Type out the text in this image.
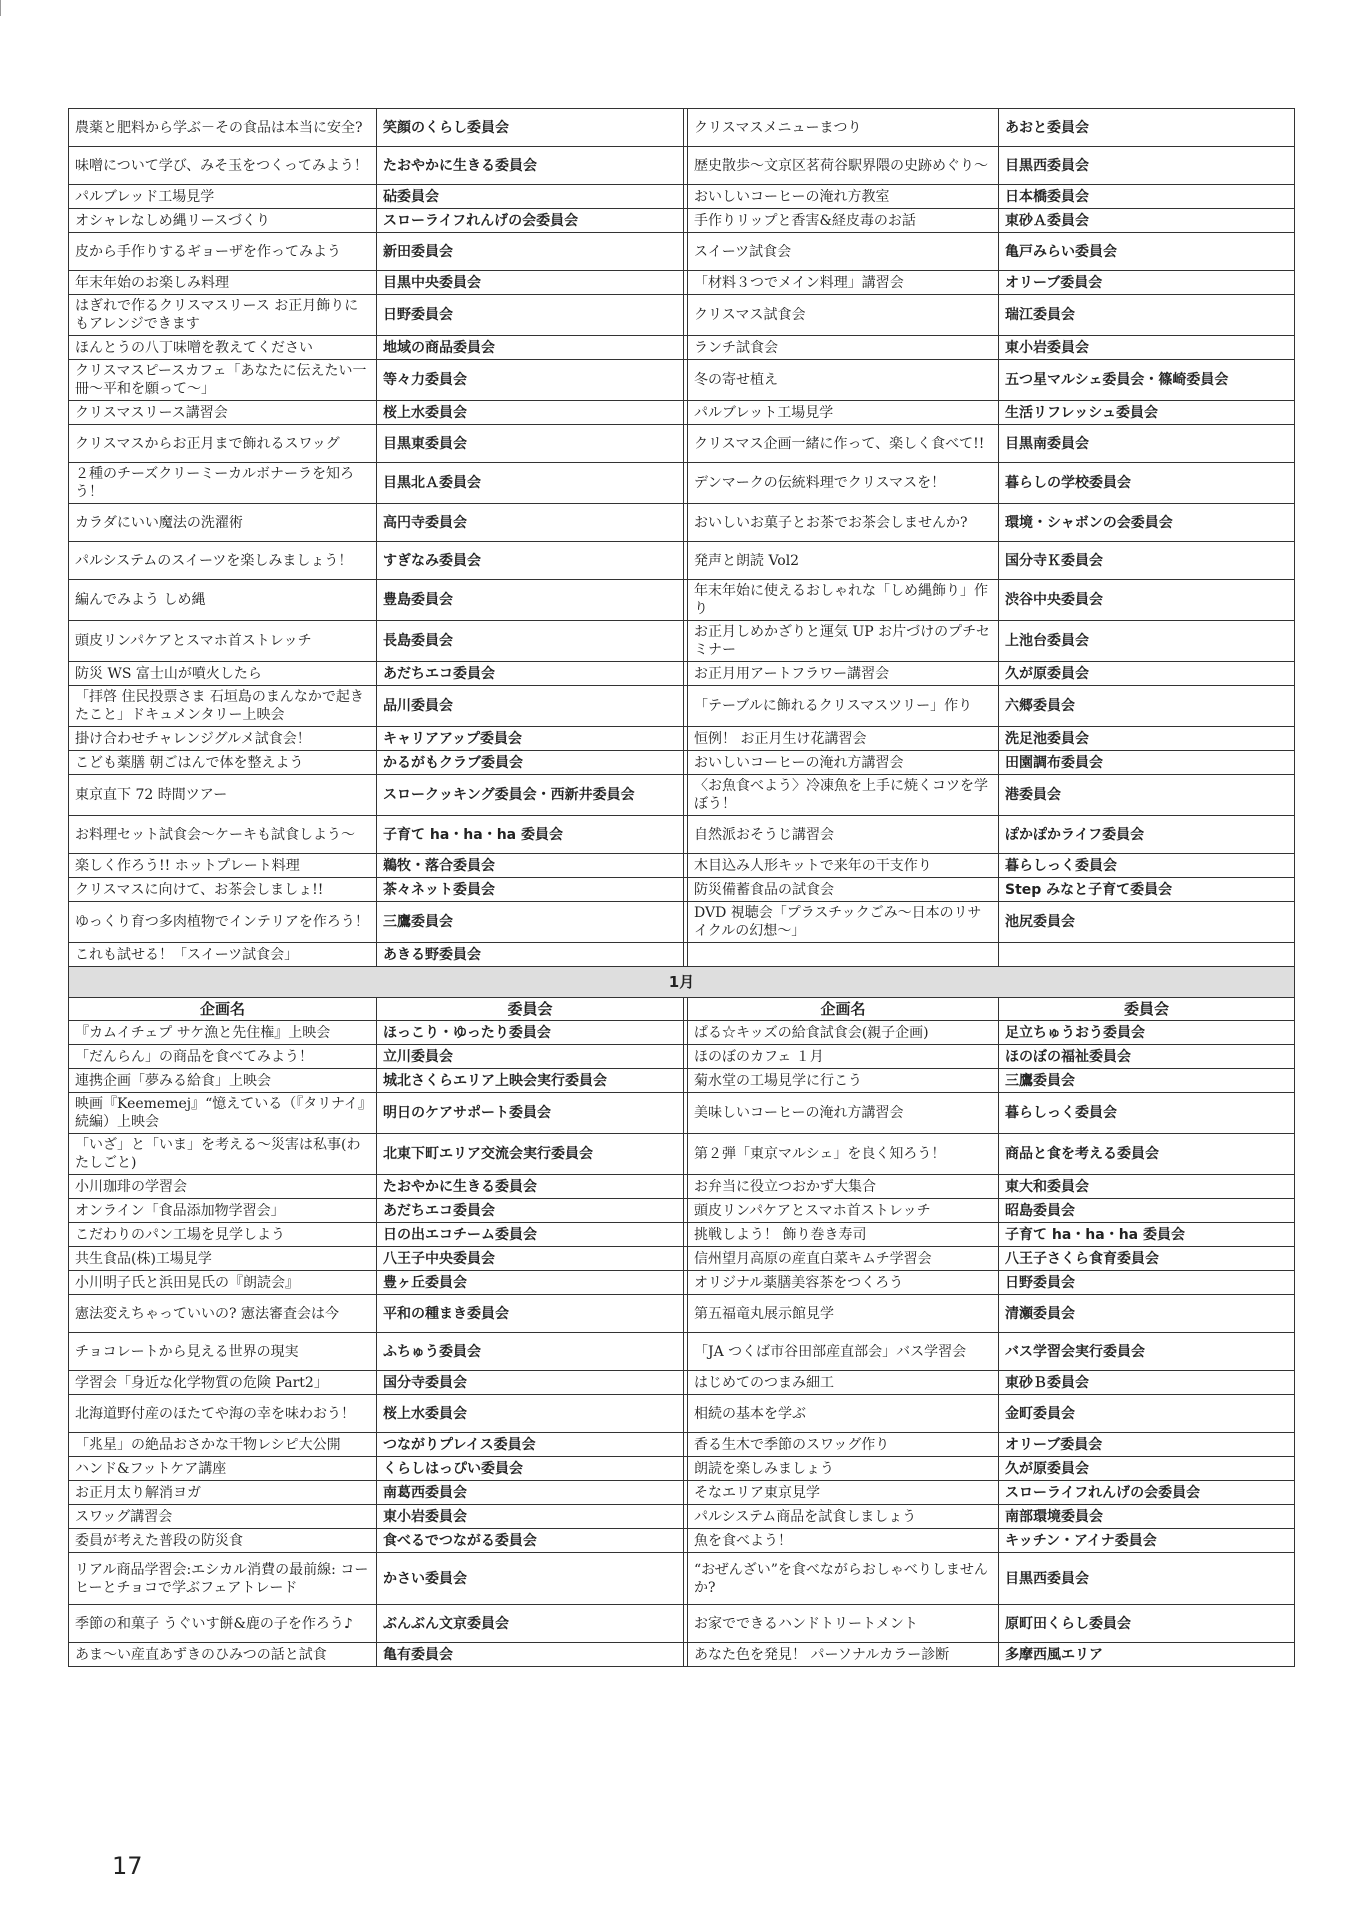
農薬と肥料から学ぶ－その食品は本当に安全?	笑顔のくらし委員会		クリスマスメニューまつり	あおと委員会
味噌について学び、みそ玉をつくってみよう！	たおやかに生きる委員会		歴史散歩～文京区茗荷谷駅界隈の史跡めぐり～	目黒西委員会
パルブレッド工場見学	砧委員会		おいしいコーヒーの淹れ方教室	日本橋委員会
オシャレなしめ縄リースづくり	スローライフれんげの会委員会		手作りリップと香害&経皮毒のお話	東砂Ａ委員会
皮から手作りするギョーザを作ってみよう	新田委員会		スイーツ試食会	亀戸みらい委員会
年末年始のお楽しみ料理	目黒中央委員会		「材料３つでメイン料理」講習会	オリーブ委員会
はぎれで作るクリスマスリース お正月飾りにもアレンジできます	日野委員会		クリスマス試食会	瑞江委員会
ほんとうの八丁味噌を教えてください	地域の商品委員会		ランチ試食会	東小岩委員会
クリスマスピースカフェ「あなたに伝えたい一冊～平和を願って～」	等々力委員会		冬の寄せ植え	五つ星マルシェ委員会・篠崎委員会
クリスマスリース講習会	桜上水委員会		パルブレット工場見学	生活リフレッシュ委員会
クリスマスからお正月まで飾れるスワッグ	目黒東委員会		クリスマス企画一緒に作って、楽しく食べて!!	目黒南委員会
２種のチーズクリーミーカルボナーラを知ろう！	目黒北Ａ委員会		デンマークの伝統料理でクリスマスを！	暮らしの学校委員会
カラダにいい魔法の洗濯術	高円寺委員会		おいしいお菓子とお茶でお茶会しませんか?	環境・シャボンの会委員会
パルシステムのスイーツを楽しみましょう！	すぎなみ委員会		発声と朗読 Vol2	国分寺Ｋ委員会
編んでみよう しめ縄	豊島委員会		年末年始に使えるおしゃれな「しめ縄飾り」作り	渋谷中央委員会
頭皮リンパケアとスマホ首ストレッチ	長島委員会		お正月しめかざりと運気 UP お片づけのプチセミナー	上池台委員会
防災 WS 富士山が噴火したら	あだちエコ委員会		お正月用アートフラワー講習会	久が原委員会
「拝啓 住民投票さま 石垣島のまんなかで起きたこと」ドキュメンタリー上映会	品川委員会		「テーブルに飾れるクリスマスツリー」作り	六郷委員会
掛け合わせチャレンジグルメ試食会！	キャリアアップ委員会		恒例！ お正月生け花講習会	洗足池委員会
こども薬膳 朝ごはんで体を整えよう	かるがもクラブ委員会		おいしいコーヒーの淹れ方講習会	田園調布委員会
東京直下 72 時間ツアー	スロークッキング委員会・西新井委員会		〈お魚食べよう〉冷凍魚を上手に焼くコツを学ぼう！	港委員会
お料理セット試食会～ケーキも試食しよう～	子育て ha・ha・ha 委員会		自然派おそうじ講習会	ぽかぽかライフ委員会
楽しく作ろう!! ホットプレート料理	鵜牧・落合委員会		木目込み人形キットで来年の干支作り	暮らしっく委員会
クリスマスに向けて、お茶会しましょ!!	茶々ネット委員会		防災備蓄食品の試食会	Step みなと子育て委員会
ゆっくり育つ多肉植物でインテリアを作ろう！	三鷹委員会		DVD 視聴会「プラスチックごみ～日本のリサイクルの幻想～」	池尻委員会
これも試せる！「スイーツ試食会」	あきる野委員会			
1月				
企画名	委員会		企画名	委員会
『カムイチェプ サケ漁と先住権』上映会	ほっこり・ゆったり委員会		ぱる☆キッズの給食試食会(親子企画)	足立ちゅうおう委員会
「だんらん」の商品を食べてみよう！	立川委員会		ほのぼのカフェ １月	ほのぼの福祉委員会
連携企画「夢みる給食」上映会	城北さくらエリア上映会実行委員会		菊水堂の工場見学に行こう	三鷹委員会
映画『Keememej』“憶えている（『タリナイ』続編）上映会	明日のケアサポート委員会		美味しいコーヒーの淹れ方講習会	暮らしっく委員会
「いざ」と「いま」を考える～災害は私事(わたしごと)	北東下町エリア交流会実行委員会		第２弾「東京マルシェ」を良く知ろう！	商品と食を考える委員会
小川珈琲の学習会	たおやかに生きる委員会		お弁当に役立つおかず大集合	東大和委員会
オンライン「食品添加物学習会」	あだちエコ委員会		頭皮リンパケアとスマホ首ストレッチ	昭島委員会
こだわりのパン工場を見学しよう	日の出エコチーム委員会		挑戦しよう！ 飾り巻き寿司	子育て ha・ha・ha 委員会
共生食品(株)工場見学	八王子中央委員会		信州望月高原の産直白菜キムチ学習会	八王子さくら食育委員会
小川明子氏と浜田晃氏の『朗読会』	豊ヶ丘委員会		オリジナル薬膳美容茶をつくろう	日野委員会
憲法変えちゃっていいの? 憲法審査会は今	平和の種まき委員会		第五福竜丸展示館見学	清瀬委員会
チョコレートから見える世界の現実	ふちゅう委員会		「JA つくば市谷田部産直部会」バス学習会	バス学習会実行委員会
学習会「身近な化学物質の危険 Part2」	国分寺委員会		はじめてのつまみ細工	東砂Ｂ委員会
北海道野付産のほたてや海の幸を味わおう！	桜上水委員会		相続の基本を学ぶ	金町委員会
「兆星」の絶品おさかな干物レシピ大公開	つながりプレイス委員会		香る生木で季節のスワッグ作り	オリーブ委員会
ハンド&フットケア講座	くらしはっぴい委員会		朗読を楽しみましょう	久が原委員会
お正月太り解消ヨガ	南葛西委員会		そなエリア東京見学	スローライフれんげの会委員会
スワッグ講習会	東小岩委員会		パルシステム商品を試食しましょう	南部環境委員会
委員が考えた普段の防災食	食べるでつながる委員会		魚を食べよう！	キッチン・アイナ委員会
リアル商品学習会:エシカル消費の最前線: コーヒーとチョコで学ぶフェアトレード	かさい委員会		“おぜんざい”を食べながらおしゃべりしませんか?	目黒西委員会
季節の和菓子 うぐいす餅&鹿の子を作ろう♪	ぶんぶん文京委員会		お家でできるハンドトリートメント	原町田くらし委員会
あま～い産直あずきのひみつの話と試食	亀有委員会		あなた色を発見！ パーソナルカラー診断	多摩西風エリア
17
